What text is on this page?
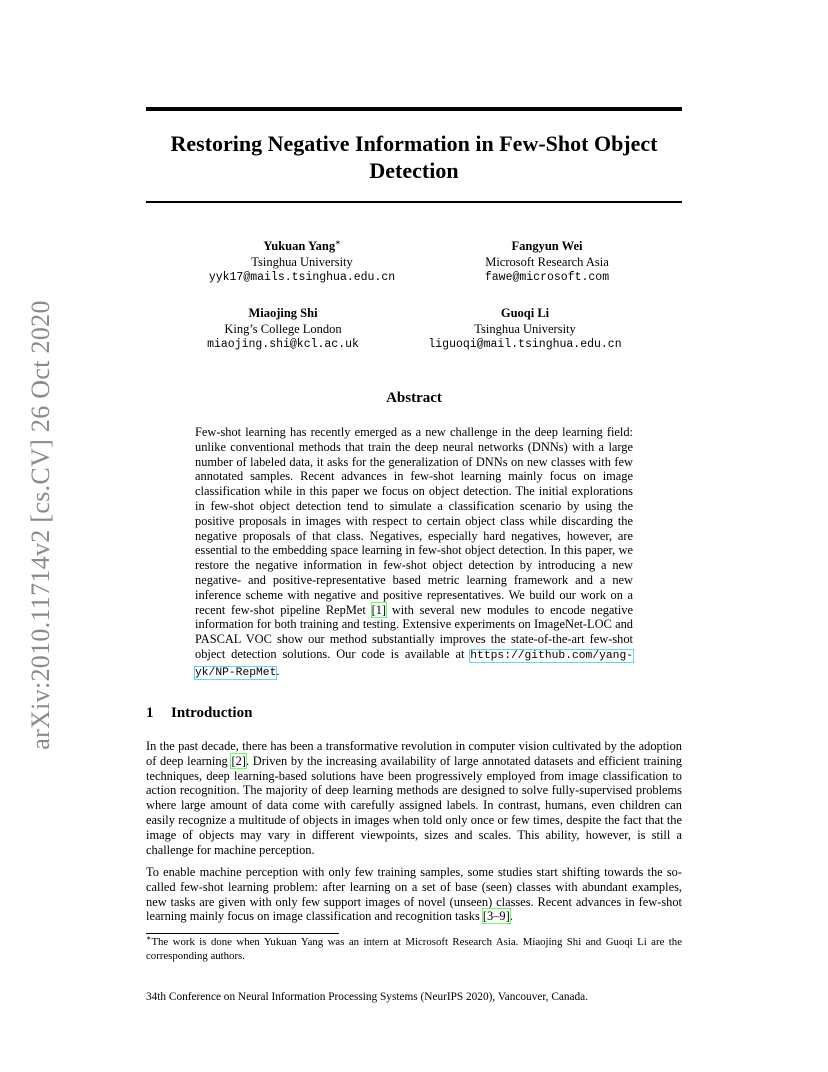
arXiv:2010.11714v2 [cs.CV] 26 Oct 2020
Restoring Negative Information in Few-Shot Object Detection
Yukuan Yang∗
Tsinghua University
yyk17@mails.tsinghua.edu.cn
Fangyun Wei
Microsoft Research Asia
fawe@microsoft.com
Miaojing Shi
King’s College London
miaojing.shi@kcl.ac.uk
Guoqi Li
Tsinghua University
liguoqi@mail.tsinghua.edu.cn
Abstract
Few-shot learning has recently emerged as a new challenge in the deep learning field: unlike conventional methods that train the deep neural networks (DNNs) with a large number of labeled data, it asks for the generalization of DNNs on new classes with few annotated samples. Recent advances in few-shot learning mainly focus on image classification while in this paper we focus on object detection. The initial explorations in few-shot object detection tend to simulate a classification scenario by using the positive proposals in images with respect to certain object class while discarding the negative proposals of that class. Negatives, especially hard negatives, however, are essential to the embedding space learning in few-shot object detection. In this paper, we restore the negative information in few-shot object detection by introducing a new negative- and positive-representative based metric learning framework and a new inference scheme with negative and positive representatives. We build our work on a recent few-shot pipeline RepMet [1] with several new modules to encode negative information for both training and testing. Extensive experiments on ImageNet-LOC and PASCAL VOC show our method substantially improves the state-of-the-art few-shot object detection solutions. Our code is available at https://github.com/yang-yk/NP-RepMet.
1 Introduction
In the past decade, there has been a transformative revolution in computer vision cultivated by the adoption of deep learning [2]. Driven by the increasing availability of large annotated datasets and efficient training techniques, deep learning-based solutions have been progressively employed from image classification to action recognition. The majority of deep learning methods are designed to solve fully-supervised problems where large amount of data come with carefully assigned labels. In contrast, humans, even children can easily recognize a multitude of objects in images when told only once or few times, despite the fact that the image of objects may vary in different viewpoints, sizes and scales. This ability, however, is still a challenge for machine perception.
To enable machine perception with only few training samples, some studies start shifting towards the so-called few-shot learning problem: after learning on a set of base (seen) classes with abundant examples, new tasks are given with only few support images of novel (unseen) classes. Recent advances in few-shot learning mainly focus on image classification and recognition tasks [3–9].
∗The work is done when Yukuan Yang was an intern at Microsoft Research Asia. Miaojing Shi and Guoqi Li are the corresponding authors.
34th Conference on Neural Information Processing Systems (NeurIPS 2020), Vancouver, Canada.
